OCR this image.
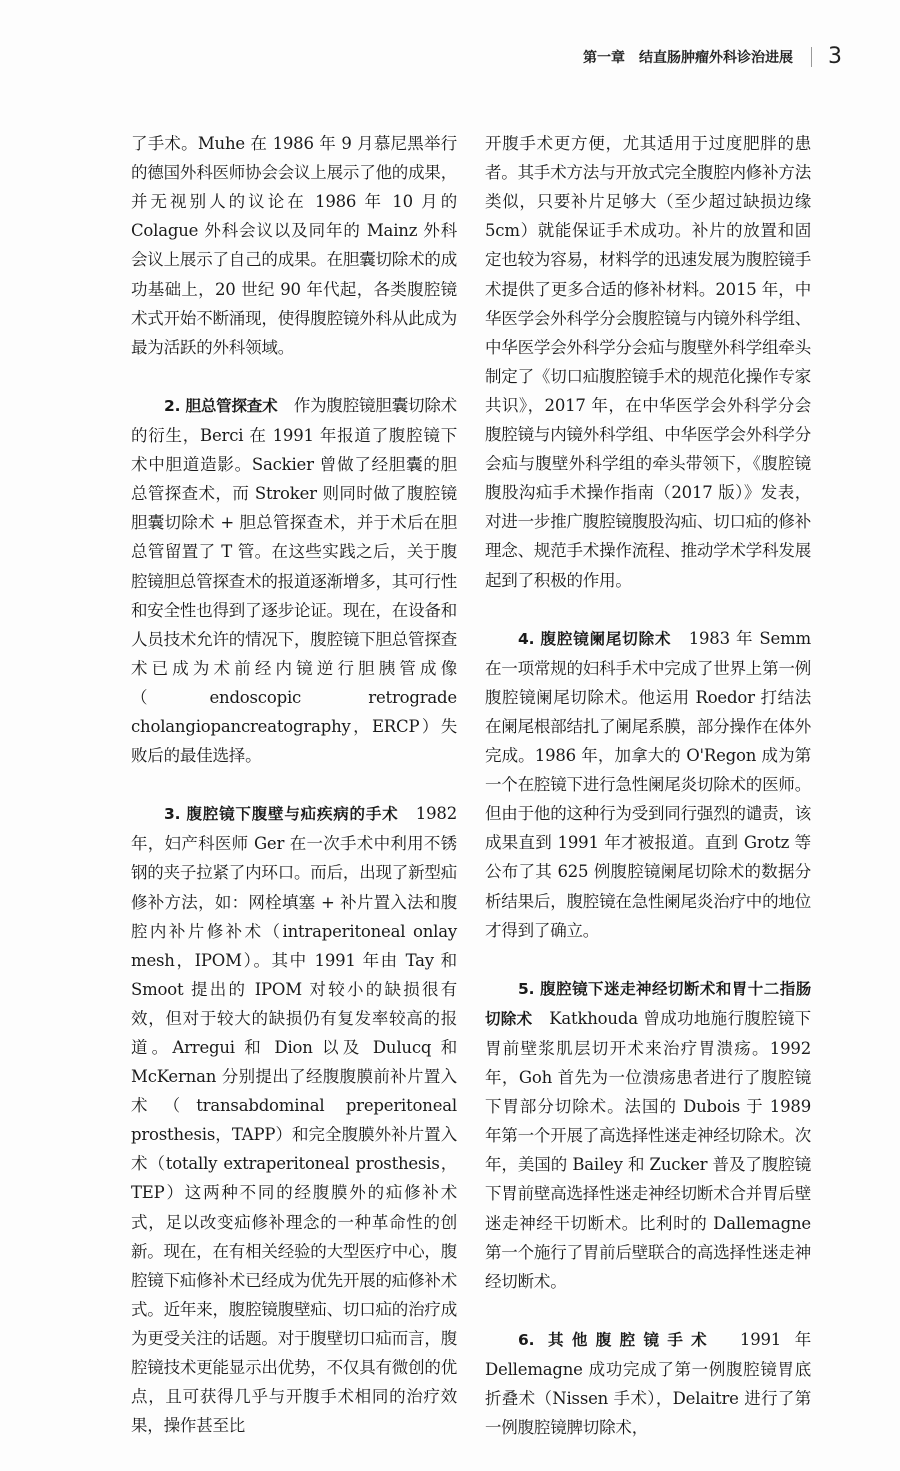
第一章　结直肠肿瘤外科诊治进展 3

了手术。Muhe 在 1986 年 9 月慕尼黑举行的德国外科医师协会会议上展示了他的成果，并无视别人的议论在 1986 年 10 月的 Colague 外科会议以及同年的 Mainz 外科会议上展示了自己的成果。在胆囊切除术的成功基础上，20 世纪 90 年代起，各类腹腔镜术式开始不断涌现，使得腹腔镜外科从此成为最为活跃的外科领域。

2. 胆总管探查术　作为腹腔镜胆囊切除术的衍生，Berci 在 1991 年报道了腹腔镜下术中胆道造影。Sackier 曾做了经胆囊的胆总管探查术，而 Stroker 则同时做了腹腔镜胆囊切除术 + 胆总管探查术，并于术后在胆总管留置了 T 管。在这些实践之后，关于腹腔镜胆总管探查术的报道逐渐增多，其可行性和安全性也得到了逐步论证。现在，在设备和人员技术允许的情况下，腹腔镜下胆总管探查术已成为术前经内镜逆行胆胰管成像（endoscopic retrograde cholangiopancreatography，ERCP）失败后的最佳选择。

3. 腹腔镜下腹壁与疝疾病的手术　1982 年，妇产科医师 Ger 在一次手术中利用不锈钢的夹子拉紧了内环口。而后，出现了新型疝修补方法，如：网栓填塞 + 补片置入法和腹腔内补片修补术（intraperitoneal onlay mesh，IPOM）。其中 1991 年由 Tay 和 Smoot 提出的 IPOM 对较小的缺损很有效，但对于较大的缺损仍有复发率较高的报道。Arregui 和 Dion 以及 Dulucq 和 McKernan 分别提出了经腹腹膜前补片置入术（transabdominal preperitoneal prosthesis，TAPP）和完全腹膜外补片置入术（totally extraperitoneal prosthesis，TEP）这两种不同的经腹膜外的疝修补术式，足以改变疝修补理念的一种革命性的创新。现在，在有相关经验的大型医疗中心，腹腔镜下疝修补术已经成为优先开展的疝修补术式。近年来，腹腔镜腹壁疝、切口疝的治疗成为更受关注的话题。对于腹壁切口疝而言，腹腔镜技术更能显示出优势，不仅具有微创的优点，且可获得几乎与开腹手术相同的治疗效果，操作甚至比

开腹手术更方便，尤其适用于过度肥胖的患者。其手术方法与开放式完全腹腔内修补方法类似，只要补片足够大（至少超过缺损边缘 5cm）就能保证手术成功。补片的放置和固定也较为容易，材料学的迅速发展为腹腔镜手术提供了更多合适的修补材料。2015 年，中华医学会外科学分会腹腔镜与内镜外科学组、中华医学会外科学分会疝与腹壁外科学组牵头制定了《切口疝腹腔镜手术的规范化操作专家共识》，2017 年，在中华医学会外科学分会腹腔镜与内镜外科学组、中华医学会外科学分会疝与腹壁外科学组的牵头带领下，《腹腔镜腹股沟疝手术操作指南（2017 版）》发表，对进一步推广腹腔镜腹股沟疝、切口疝的修补理念、规范手术操作流程、推动学术学科发展起到了积极的作用。

4. 腹腔镜阑尾切除术　1983 年 Semm 在一项常规的妇科手术中完成了世界上第一例腹腔镜阑尾切除术。他运用 Roedor 打结法在阑尾根部结扎了阑尾系膜，部分操作在体外完成。1986 年，加拿大的 O'Regon 成为第一个在腔镜下进行急性阑尾炎切除术的医师。但由于他的这种行为受到同行强烈的谴责，该成果直到 1991 年才被报道。直到 Grotz 等公布了其 625 例腹腔镜阑尾切除术的数据分析结果后，腹腔镜在急性阑尾炎治疗中的地位才得到了确立。

5. 腹腔镜下迷走神经切断术和胃十二指肠切除术　Katkhouda 曾成功地施行腹腔镜下胃前壁浆肌层切开术来治疗胃溃疡。1992 年，Goh 首先为一位溃疡患者进行了腹腔镜下胃部分切除术。法国的 Dubois 于 1989 年第一个开展了高选择性迷走神经切除术。次年，美国的 Bailey 和 Zucker 普及了腹腔镜下胃前壁高选择性迷走神经切断术合并胃后壁迷走神经干切断术。比利时的 Dallemagne 第一个施行了胃前后壁联合的高选择性迷走神经切断术。

6. 其他腹腔镜手术　1991 年 Dellemagne 成功完成了第一例腹腔镜胃底折叠术（Nissen 手术），Delaitre 进行了第一例腹腔镜脾切除术，
